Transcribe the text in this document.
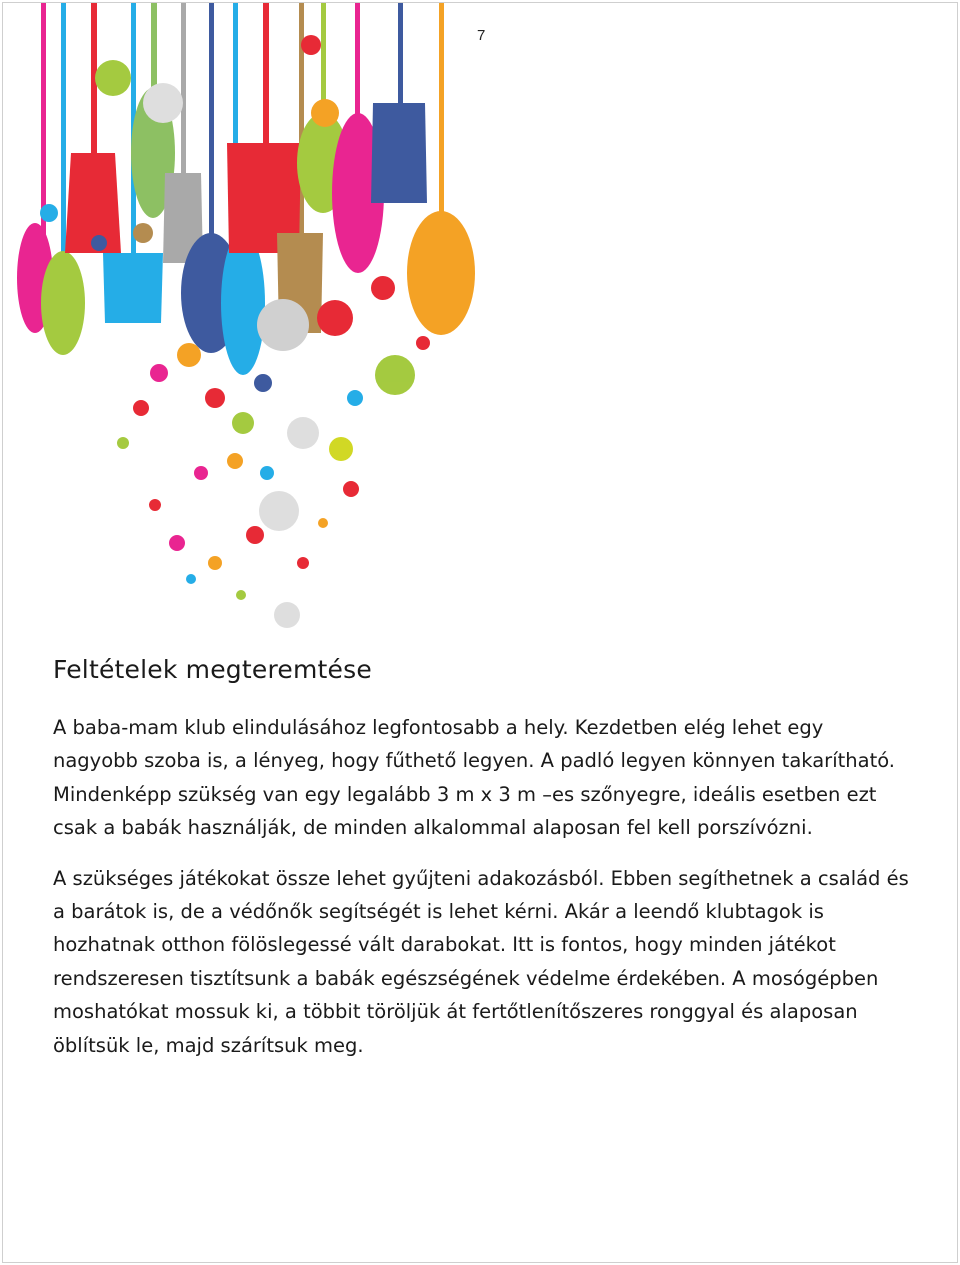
7
Feltételek megteremtése

A baba-mam klub elindulásához legfontosabb a hely. Kezdetben elég lehet egy nagyobb szoba is, a lényeg, hogy fűthető legyen. A padló legyen könnyen takarítható. Mindenképp szükség van egy legalább 3 m x 3 m –es szőnyegre, ideális esetben ezt csak a babák használják, de minden alkalommal alaposan fel kell porszívózni.

A szükséges játékokat össze lehet gyűjteni adakozásból. Ebben segíthetnek a család és a barátok is, de a védőnők segítségét is lehet kérni. Akár a leendő klubtagok is hozhatnak otthon fölöslegessé vált darabokat. Itt is fontos, hogy minden játékot rendszeresen tisztítsunk a babák egészségének védelme érdekében. A mosógépben moshatókat mossuk ki, a többit töröljük át fertőtlenítőszeres ronggyal és alaposan öblítsük le, majd szárítsuk meg.
